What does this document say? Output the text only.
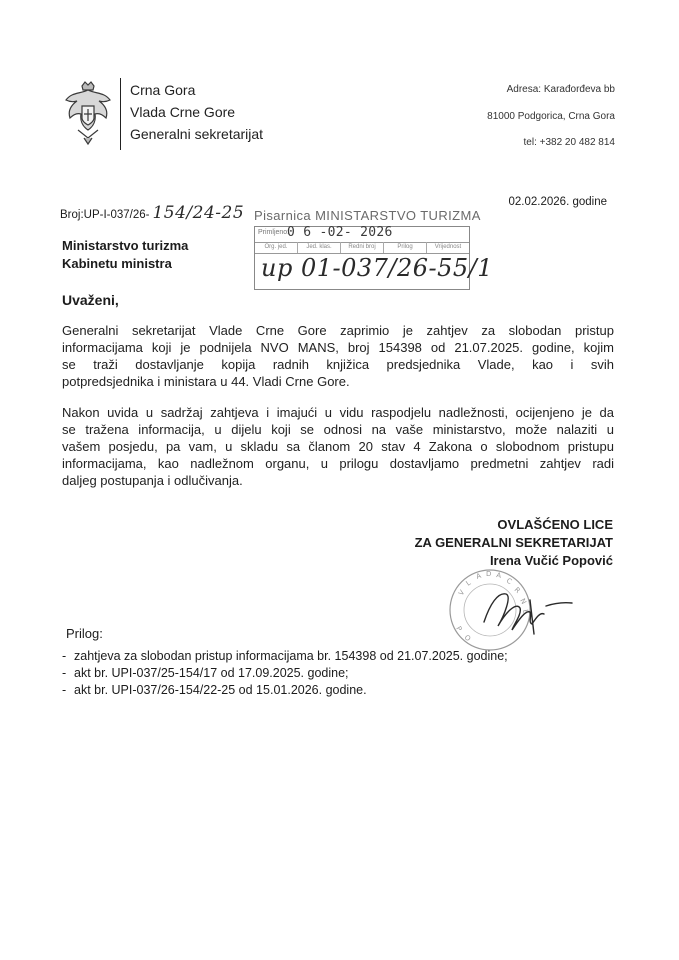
Crna Gora
Vlada Crne Gore
Generalni sekretarijat
Adresa: Karađorđeva bb
81000 Podgorica, Crna Gora
tel: +382 20 482 814
Broj:UP-I-037/26- 154/24-25
02.02.2026. godine
Pisarnica MINISTARSTVO TURIZMA
Primljeno:
0 6 -02- 2026
Org. jed.	Jed. klas.	Redni broj	Prilog	Vrijednost
up 01-037/26-55/1
Ministarstvo turizma
Kabinetu ministra
Uvaženi,
Generalni sekretarijat Vlade Crne Gore zaprimio je zahtjev za slobodan pristup
informacijama koji je podnijela NVO MANS, broj 154398 od 21.07.2025. godine, kojim
se traži dostavljanje kopija radnih knjižica predsjednika Vlade, kao i svih
potpredsjednika i ministara u 44. Vladi Crne Gore.
Nakon uvida u sadržaj zahtjeva i imajući u vidu raspodjelu nadležnosti, ocijenjeno je da
se tražena informacija, u dijelu koji se odnosi na vaše ministarstvo, može nalaziti u
vašem posjedu, pa vam, u skladu sa članom 20 stav 4 Zakona o slobodnom pristupu
informacijama, kao nadležnom organu, u prilogu dostavljamo predmetni zahtjev radi
daljeg postupanja i odlučivanja.
OVLAŠĆENO LICE
ZA GENERALNI SEKRETARIJAT
Irena Vučić Popović
V
L
A D A
C
R
N
E
P
O
Prilog:
- zahtjeva za slobodan pristup informacijama br. 154398 od 21.07.2025. godine;
- akt br. UPI-037/25-154/17 od 17.09.2025. godine;
- akt br. UPI-037/26-154/22-25 od 15.01.2026. godine.
